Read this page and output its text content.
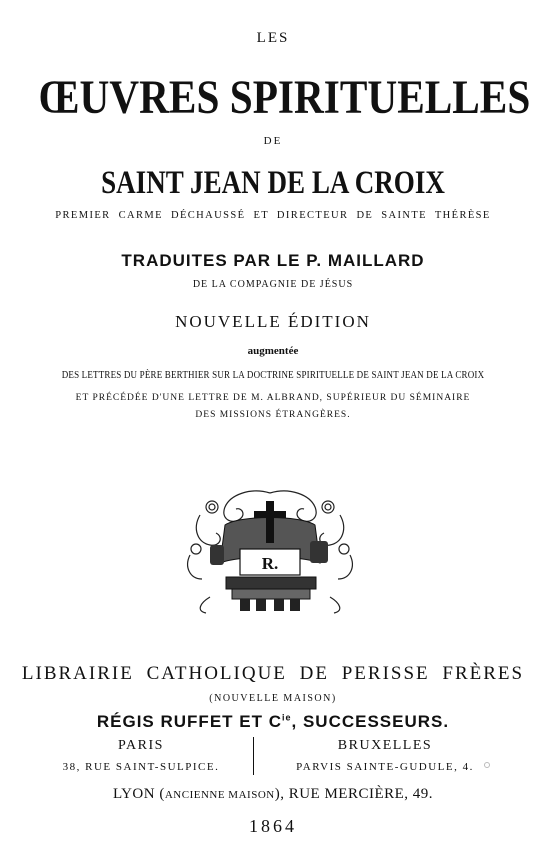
LES
ŒUVRES SPIRITUELLES
DE
SAINT JEAN DE LA CROIX
PREMIER CARME DÉCHAUSSÉ ET DIRECTEUR DE SAINTE THÉRÈSE
TRADUITES PAR LE P. MAILLARD
DE LA COMPAGNIE DE JÉSUS
NOUVELLE ÉDITION
augmentée
DES LETTRES DU PÈRE BERTHIER SUR LA DOCTRINE SPIRITUELLE DE SAINT JEAN DE LA CROIX
ET PRÉCÉDÉE D'UNE LETTRE DE M. ALBRAND, SUPÉRIEUR DU SÉMINAIRE
DES MISSIONS ÉTRANGÈRES.
R.
LIBRAIRIE CATHOLIQUE DE PERISSE FRÈRES
(NOUVELLE MAISON)
RÉGIS RUFFET ET $C^{ie}$, SUCCESSEURS.
PARIS
38, RUE SAINT-SULPICE.
BRUXELLES
PARVIS SAINTE-GUDULE, 4.
LYON (ANCIENNE MAISON), RUE MERCIÈRE, 49.
1864
